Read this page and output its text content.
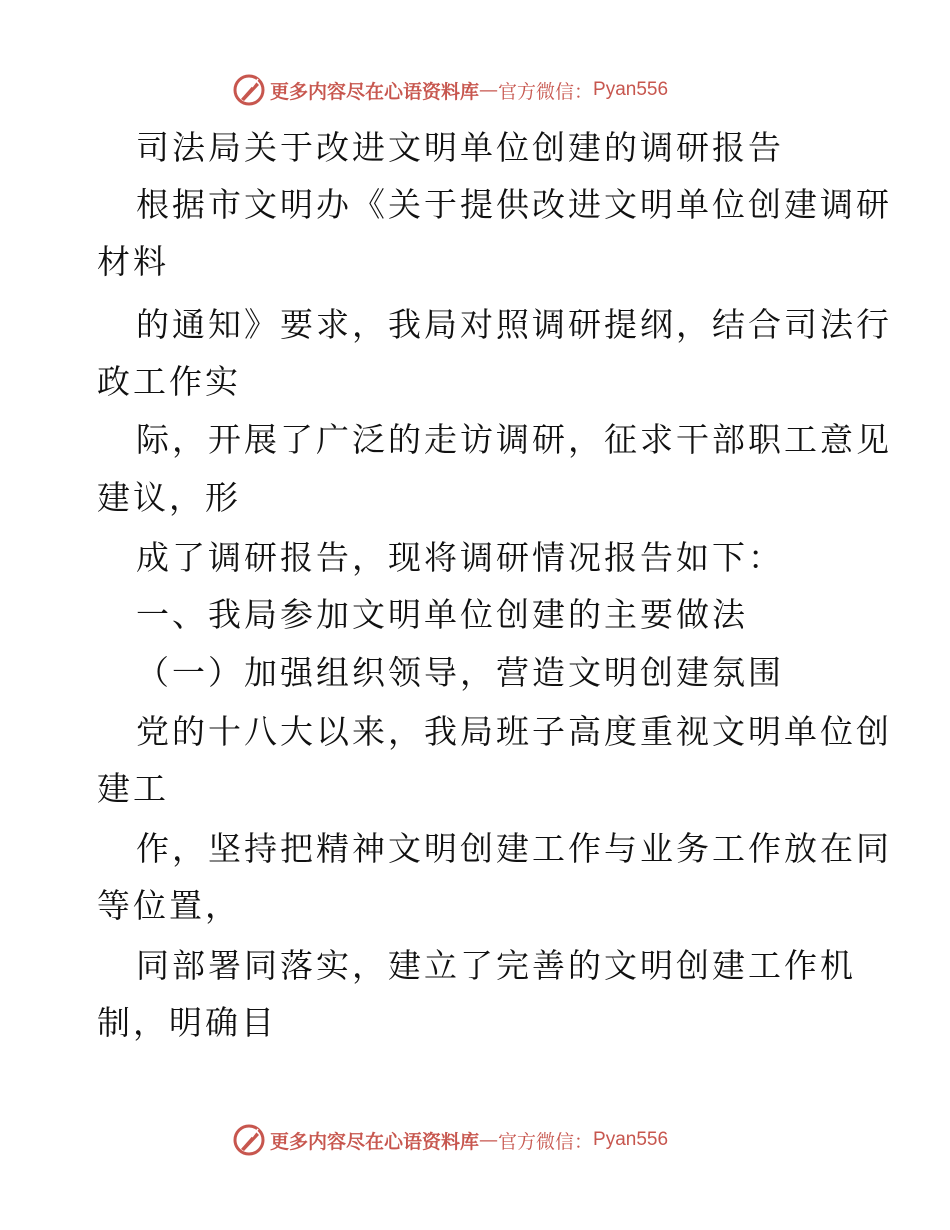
更多内容尽在心语资料库 — 官方微信： Pyan556

司法局关于改进文明单位创建的调研报告

根据市文明办《关于提供改进文明单位创建调研

材料

的通知》要求，我局对照调研提纲，结合司法行

政工作实

际，开展了广泛的走访调研，征求干部职工意见

建议，形

成了调研报告，现将调研情况报告如下：

一、我局参加文明单位创建的主要做法

（一）加强组织领导，营造文明创建氛围

党的十八大以来，我局班子高度重视文明单位创

建工

作，坚持把精神文明创建工作与业务工作放在同

等位置，

同部署同落实，建立了完善的文明创建工作机

制，明确目

更多内容尽在心语资料库 — 官方微信： Pyan556
